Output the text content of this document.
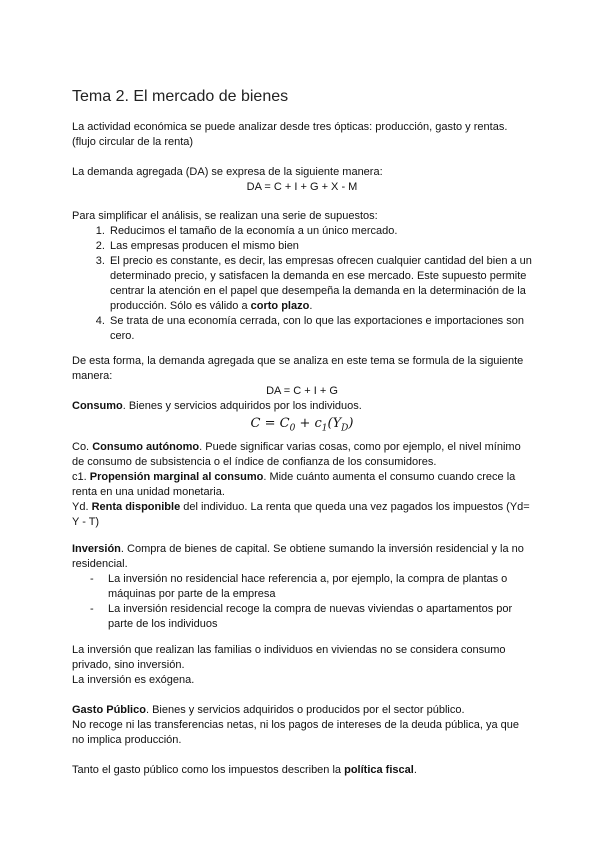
Tema 2. El mercado de bienes

La actividad económica se puede analizar desde tres ópticas: producción, gasto y rentas.

(flujo circular de la renta)

La demanda agregada (DA) se expresa de la siguiente manera:

DA = C + I + G + X - M

Para simplificar el análisis, se realizan una serie de supuestos:

1. Reducimos el tamaño de la economía a un único mercado.
2. Las empresas producen el mismo bien
3. El precio es constante, es decir, las empresas ofrecen cualquier cantidad del bien a un determinado precio, y satisfacen la demanda en ese mercado. Este supuesto permite centrar la atención en el papel que desempeña la demanda en la determinación de la producción. Sólo es válido a corto plazo.
4. Se trata de una economía cerrada, con lo que las exportaciones e importaciones son cero.

De esta forma, la demanda agregada que se analiza en este tema se formula de la siguiente manera:

DA = C + I + G

Consumo. Bienes y servicios adquiridos por los individuos.

$C = C_0 + c_1(Y_D)$

Co. Consumo autónomo. Puede significar varias cosas, como por ejemplo, el nivel mínimo de consumo de subsistencia o el índice de confianza de los consumidores.

c1. Propensión marginal al consumo. Mide cuánto aumenta el consumo cuando crece la renta en una unidad monetaria.

Yd. Renta disponible del individuo. La renta que queda una vez pagados los impuestos (Yd= Y - T)

Inversión. Compra de bienes de capital. Se obtiene sumando la inversión residencial y la no residencial.

- La inversión no residencial hace referencia a, por ejemplo, la compra de plantas o máquinas por parte de la empresa
- La inversión residencial recoge la compra de nuevas viviendas o apartamentos por parte de los individuos

La inversión que realizan las familias o individuos en viviendas no se considera consumo privado, sino inversión.

La inversión es exógena.

Gasto Público. Bienes y servicios adquiridos o producidos por el sector público.

No recoge ni las transferencias netas, ni los pagos de intereses de la deuda pública, ya que no implica producción.

Tanto el gasto público como los impuestos describen la política fiscal.
